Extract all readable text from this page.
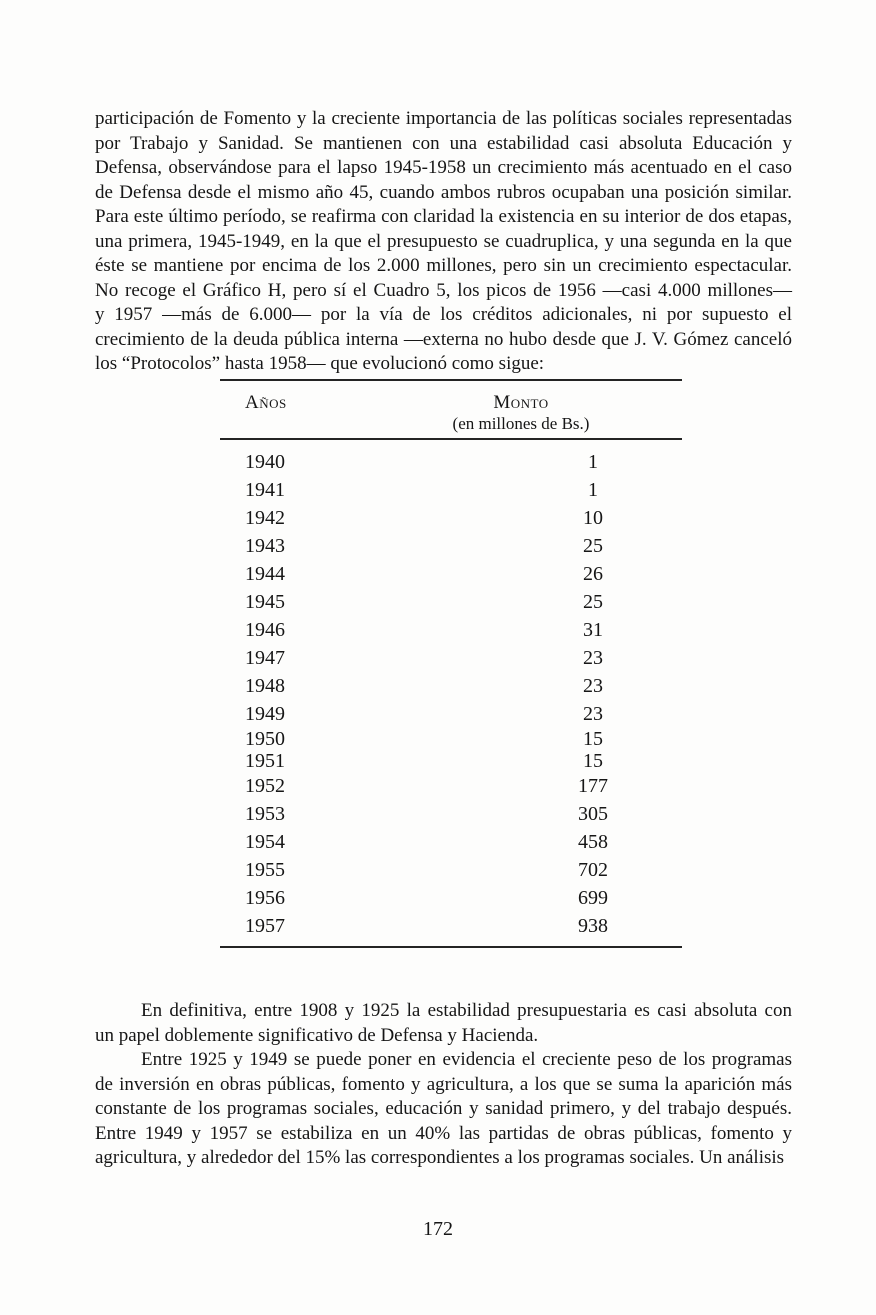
participación de Fomento y la creciente importancia de las políticas sociales representadas
por Trabajo y Sanidad. Se mantienen con una estabilidad casi absoluta Educación y
Defensa, observándose para el lapso 1945-1958 un crecimiento más acentuado en el caso
de Defensa desde el mismo año 45, cuando ambos rubros ocupaban una posición similar.
Para este último período, se reafirma con claridad la existencia en su interior de dos etapas,
una primera, 1945-1949, en la que el presupuesto se cuadruplica, y una segunda en la que
éste se mantiene por encima de los 2.000 millones, pero sin un crecimiento espectacular.
No recoge el Gráfico H, pero sí el Cuadro 5, los picos de 1956 —casi 4.000 millones—
y 1957 —más de 6.000— por la vía de los créditos adicionales, ni por supuesto el
crecimiento de la deuda pública interna —externa no hubo desde que J. V. Gómez canceló
los “Protocolos” hasta 1958— que evolucionó como sigue:
Años	Monto
(en millones de Bs.)
1940	1
1941	1
1942	10
1943	25
1944	26
1945	25
1946	31
1947	23
1948	23
1949	23
1950	15
1951	15
1952	177
1953	305
1954	458
1955	702
1956	699
1957	938
En definitiva, entre 1908 y 1925 la estabilidad presupuestaria es casi absoluta con
un papel doblemente significativo de Defensa y Hacienda.
Entre 1925 y 1949 se puede poner en evidencia el creciente peso de los programas
de inversión en obras públicas, fomento y agricultura, a los que se suma la aparición más
constante de los programas sociales, educación y sanidad primero, y del trabajo después.
Entre 1949 y 1957 se estabiliza en un 40% las partidas de obras públicas, fomento y
agricultura, y alrededor del 15% las correspondientes a los programas sociales. Un análisis
172
